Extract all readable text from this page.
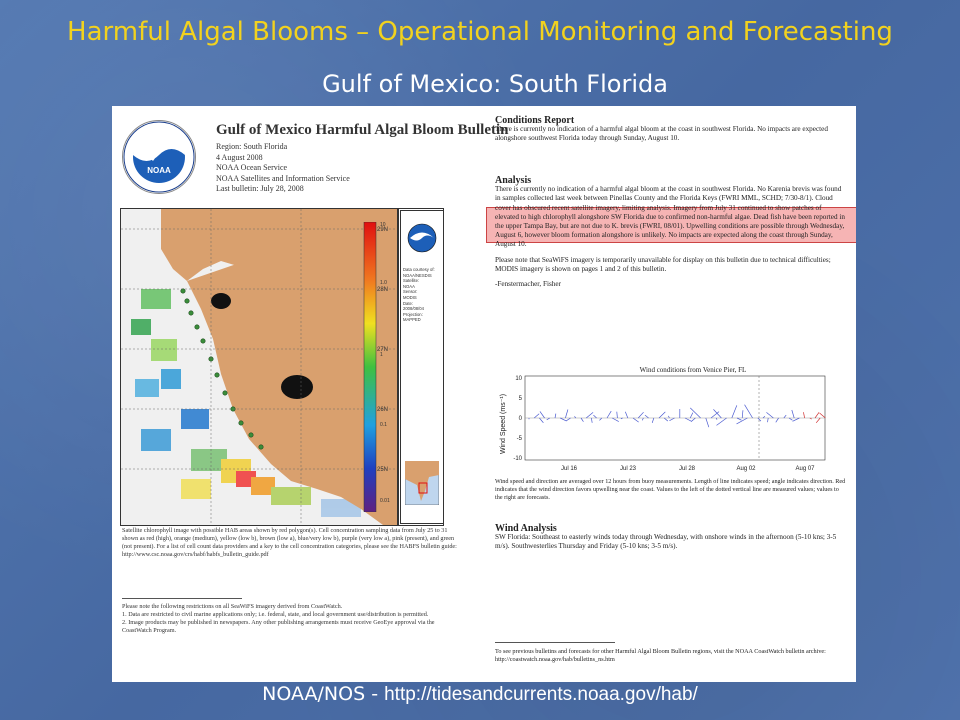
Harmful Algal Blooms – Operational Monitoring and Forecasting
Gulf of Mexico: South Florida
NOAA
Gulf of Mexico Harmful Algal Bloom Bulletin
Region: South Florida
4 August 2008
NOAA Ocean Service
NOAA Satellites and Information Service
Last bulletin: July 28, 2008
29N
28N
27N
26N
25N
10
1.0
1
0.1
0.01
Data courtesy of:
NOAA/NESDIS
Satellite:
NOAA
Sensor:
MODIS
Date:
2008/08/04
Projection:
MAPPED
Satellite chlorophyll image with possible HAB areas shown by red polygon(s). Cell concentration sampling data from July 25 to 31 shown as red (high), orange (medium), yellow (low b), brown (low a), blue/very low b), purple (very low a), pink (present), and green (not present). For a list of cell count data providers and a key to the cell concentration categories, please see the HABFS bulletin guide: http://www.csc.noaa.gov/crs/habf/habfs_bulletin_guide.pdf
Please note the following restrictions on all SeaWiFS imagery derived from CoastWatch.
1. Data are restricted to civil marine applications only; i.e. federal, state, and local government use/distribution is permitted.
2. Image products may be published in newspapers. Any other publishing arrangements must receive GeoEye approval via the CoastWatch Program.
Conditions Report

There is currently no indication of a harmful algal bloom at the coast in southwest Florida. No impacts are expected alongshore southwest Florida today through Sunday, August 10.

Analysis

There is currently no indication of a harmful algal bloom at the coast in southwest Florida. No Karenia brevis was found in samples collected last week between Pinellas County and the Florida Keys (FWRI MML, SCHD; 7/30-8/1). Cloud cover has obscured recent satellite imagery, limiting analysis. Imagery from July 31 continued to show patches of elevated to high chlorophyll alongshore SW Florida due to confirmed non-harmful algae. Dead fish have been reported in the upper Tampa Bay, but are not due to K. brevis (FWRI, 08/01). Upwelling conditions are possible through Wednesday, August 6, however bloom formation alongshore is unlikely. No impacts are expected along the coast through Sunday, August 10.

Please note that SeaWiFS imagery is temporarily unavailable for display on this bulletin due to technical difficulties; MODIS imagery is shown on pages 1 and 2 of this bulletin.

-Fenstermacher, Fisher

Wind conditions from Venice Pier, FL
Wind Speed (ms⁻¹)
10
5
0
-5
-10
Jul 16	Jul 23	Jul 28	Aug 02	Aug 07
Wind speed and direction are averaged over 12 hours from buoy measurements. Length of line indicates speed; angle indicates direction. Red indicates that the wind direction favors upwelling near the coast. Values to the left of the dotted vertical line are measured values; values to the right are forecasts.
Wind Analysis

SW Florida: Southeast to easterly winds today through Wednesday, with onshore winds in the afternoon (5-10 kns; 3-5 m/s). Southwesterlies Thursday and Friday (5-10 kns; 3-5 m/s).

To see previous bulletins and forecasts for other Harmful Algal Bloom Bulletin regions, visit the NOAA CoastWatch bulletin archive: http://coastwatch.noaa.gov/hab/bulletins_ns.htm
NOAA/NOS - http://tidesandcurrents.noaa.gov/hab/
